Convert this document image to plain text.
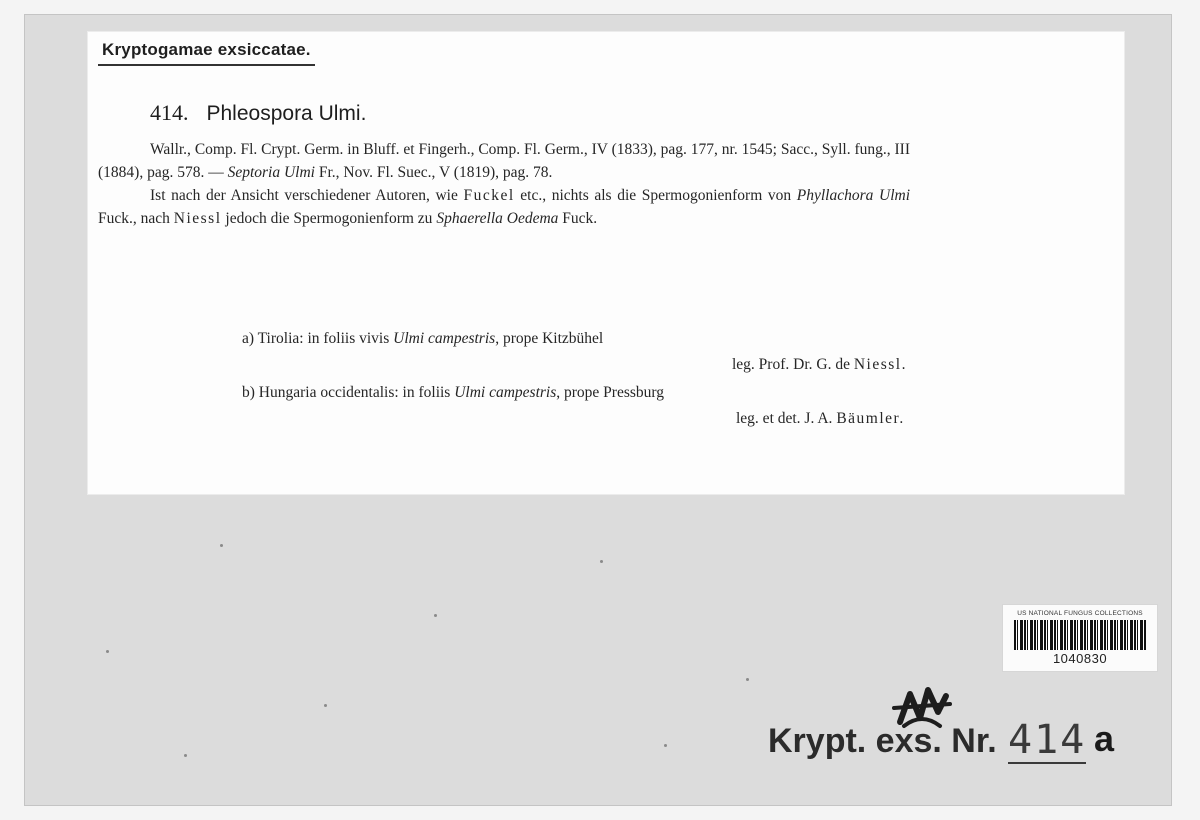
Kryptogamae exsiccatae.
414. Phleospora Ulmi.

Wallr., Comp. Fl. Crypt. Germ. in Bluff. et Fingerh., Comp. Fl. Germ., IV (1833), pag. 177, nr. 1545; Sacc., Syll. fung., III (1884), pag. 578. — Septoria Ulmi Fr., Nov. Fl. Suec., V (1819), pag. 78.

Ist nach der Ansicht verschiedener Autoren, wie Fuckel etc., nichts als die Spermogonienform von Phyllachora Ulmi Fuck., nach Niessl jedoch die Spermogonienform zu Sphaerella Oedema Fuck.

a) Tirolia: in foliis vivis Ulmi campestris, prope Kitzbühel
leg. Prof. Dr. G. de Niessl.
b) Hungaria occidentalis: in foliis Ulmi campestris, prope Pressburg
leg. et det. J. A. Bäumler.
US NATIONAL FUNGUS COLLECTIONS
1040830
Krypt. exs. Nr. 414 a
